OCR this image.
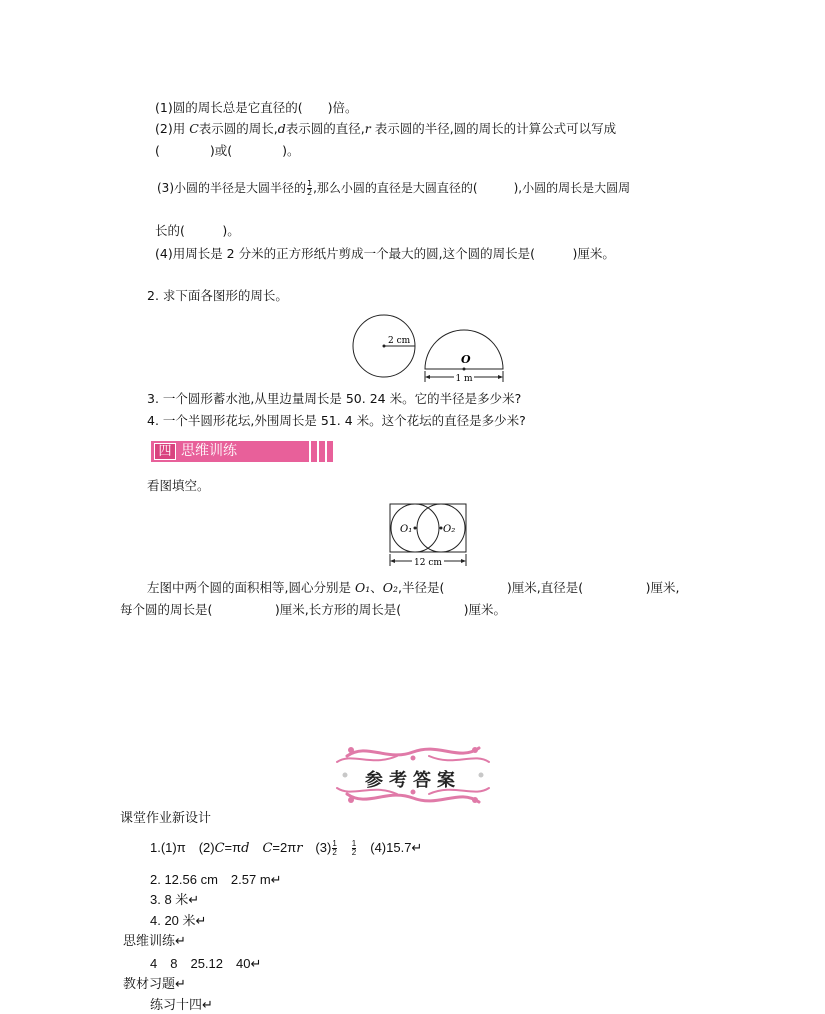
(1)圆的周长总是它直径的(　　)倍。
(2)用 C表示圆的周长,d表示圆的直径,r 表示圆的半径,圆的周长的计算公式可以写成
(　　　　)或(　　　　)。
(3)小圆的半径是大圆半径的 $\frac{1}{2}$ ,那么小圆的直径是大圆直径的(　　　),小圆的周长是大圆周
长的(　　　)。
(4)用周长是 2 分米的正方形纸片剪成一个最大的圆,这个圆的周长是(　　　)厘米。
2. 求下面各图形的周长。
2 cm
O
1 m
3. 一个圆形蓄水池,从里边量周长是 50. 24 米。它的半径是多少米?
4. 一个半圆形花坛,外围周长是 51. 4 米。这个花坛的直径是多少米?
四 思维训练
看图填空。
O₁	O₂
12 cm
左图中两个圆的面积相等,圆心分别是 O₁、O₂,半径是(　　　　　)厘米,直径是(　　　　　)厘米,
每个圆的周长是(　　　　　)厘米,长方形的周长是(　　　　　)厘米。
参考答案
课堂作业新设计
1.(1)π　(2)C=πd　 C=2πr　$(3) \frac{1}{2}$
　 $\frac{1}{2}$ 　(4)15.7↵
2. 12.56 cm　2.57 m↵
3. 8 米↵
4. 20 米↵
思维训练↵
4　8　25.12　40↵
教材习题↵
练习十四↵
